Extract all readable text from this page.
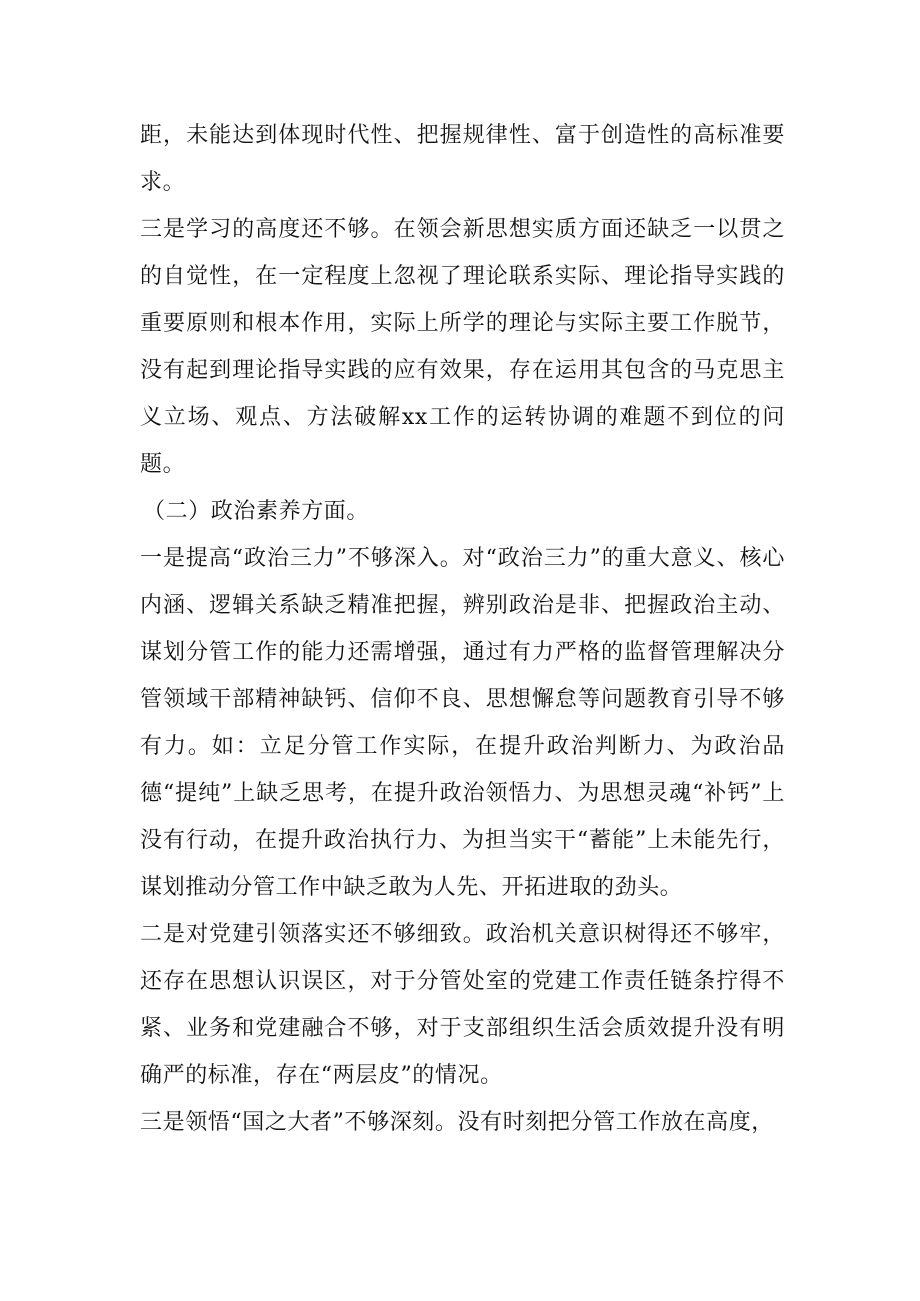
距，未能达到体现时代性、把握规律性、富于创造性的高标准要求。

三是学习的高度还不够。在领会新思想实质方面还缺乏一以贯之的自觉性，在一定程度上忽视了理论联系实际、理论指导实践的重要原则和根本作用，实际上所学的理论与实际主要工作脱节，没有起到理论指导实践的应有效果，存在运用其包含的马克思主义立场、观点、方法破解xx工作的运转协调的难题不到位的问题。

（二）政治素养方面。

一是提高“政治三力”不够深入。对“政治三力”的重大意义、核心内涵、逻辑关系缺乏精准把握，辨别政治是非、把握政治主动、谋划分管工作的能力还需增强，通过有力严格的监督管理解决分管领域干部精神缺钙、信仰不良、思想懈怠等问题教育引导不够有力。如：立足分管工作实际，在提升政治判断力、为政治品德“提纯”上缺乏思考，在提升政治领悟力、为思想灵魂“补钙”上没有行动，在提升政治执行力、为担当实干“蓄能”上未能先行，谋划推动分管工作中缺乏敢为人先、开拓进取的劲头。

二是对党建引领落实还不够细致。政治机关意识树得还不够牢，还存在思想认识误区，对于分管处室的党建工作责任链条拧得不紧、业务和党建融合不够，对于支部组织生活会质效提升没有明确严的标准，存在“两层皮”的情况。

三是领悟“国之大者”不够深刻。没有时刻把分管工作放在高度，
